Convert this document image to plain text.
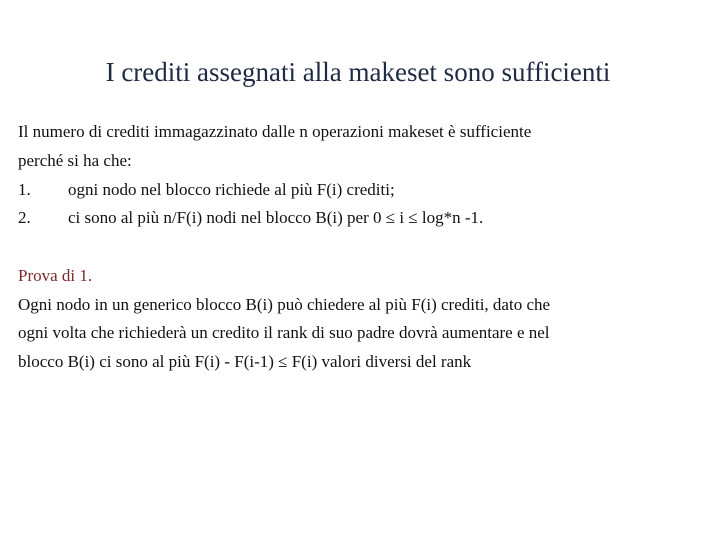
I crediti assegnati alla makeset sono sufficienti
Il numero di crediti immagazzinato dalle n operazioni makeset è sufficiente
perché si ha che:
1.	ogni nodo nel blocco richiede al più F(i) crediti;
2.	ci sono al più n/F(i) nodi nel blocco B(i) per 0 ≤ i ≤ log*n -1.
Prova di 1.
Ogni nodo in un generico blocco B(i) può chiedere al più F(i) crediti, dato che
ogni volta che richiederà un credito il rank di suo padre dovrà aumentare e nel
blocco B(i) ci sono al più F(i) - F(i-1) ≤ F(i) valori diversi del rank
